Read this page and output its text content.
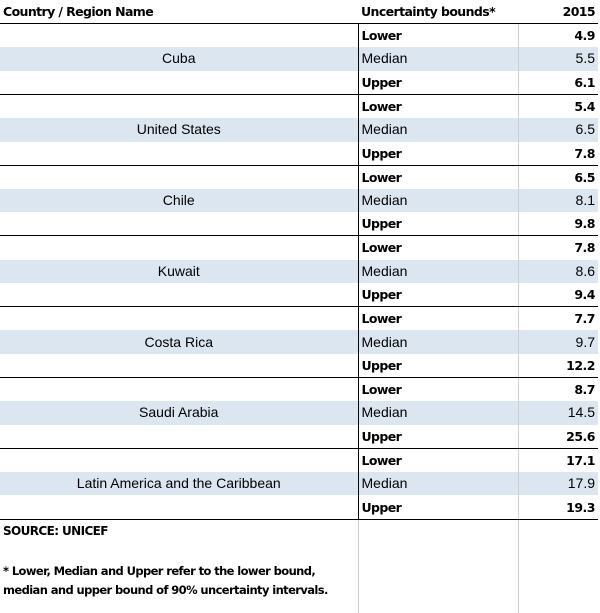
Country / Region Name	Uncertainty bounds*	2015
	Lower	4.9
Cuba	Median	5.5
	Upper	6.1
	Lower	5.4
United States	Median	6.5
	Upper	7.8
	Lower	6.5
Chile	Median	8.1
	Upper	9.8
	Lower	7.8
Kuwait	Median	8.6
	Upper	9.4
	Lower	7.7
Costa Rica	Median	9.7
	Upper	12.2
	Lower	8.7
Saudi Arabia	Median	14.5
	Upper	25.6
	Lower	17.1
Latin America and the Caribbean	Median	17.9
	Upper	19.3
SOURCE: UNICEF		
* Lower, Median and Upper refer to the lower bound, median and upper bound of 90% uncertainty intervals.		
